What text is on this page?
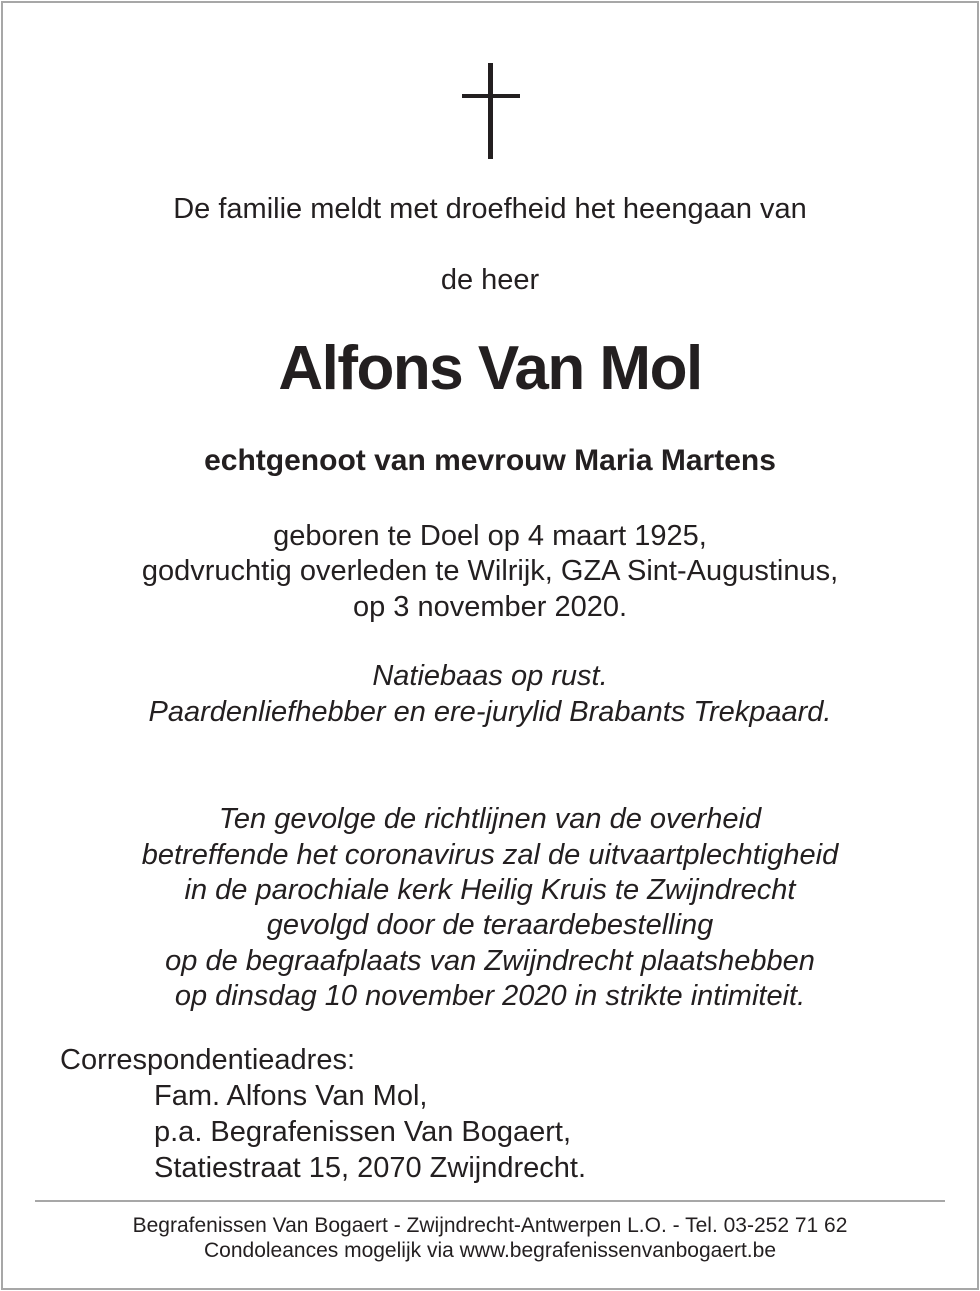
De familie meldt met droefheid het heengaan van
de heer
Alfons Van Mol
echtgenoot van mevrouw Maria Martens
geboren te Doel op 4 maart 1925,
godvruchtig overleden te Wilrijk, GZA Sint-Augustinus,
op 3 november 2020.
Natiebaas op rust.
Paardenliefhebber en ere-jurylid Brabants Trekpaard.
Ten gevolge de richtlijnen van de overheid
betreffende het coronavirus zal de uitvaartplechtigheid
in de parochiale kerk Heilig Kruis te Zwijndrecht
gevolgd door de teraardebestelling
op de begraafplaats van Zwijndrecht plaatshebben
op dinsdag 10 november 2020 in strikte intimiteit.
Correspondentieadres:
Fam. Alfons Van Mol,
p.a. Begrafenissen Van Bogaert,
Statiestraat 15, 2070 Zwijndrecht.
Begrafenissen Van Bogaert - Zwijndrecht-Antwerpen L.O. - Tel. 03-252 71 62
Condoleances mogelijk via www.begrafenissenvanbogaert.be
